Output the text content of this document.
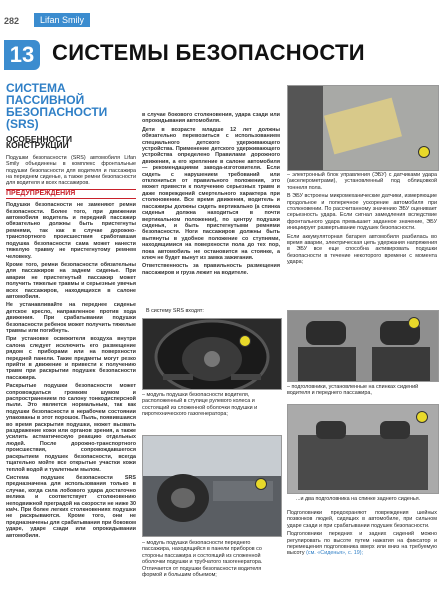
282	Lifan Smily
13 СИСТЕМЫ БЕЗОПАСНОСТИ
СИСТЕМА
ПАССИВНОЙ
БЕЗОПАСНОСТИ (SRS)
ОСОБЕННОСТИ КОНСТРУКЦИИ

Подушки безопасности (SRS) автомобиля Lifan Smily объединены в комплекс фронтальные подушки безопасности для водителя и пассажира на переднем сиденье, а также ремни безопасности для водителя и всех пассажиров.

ПРЕДУПРЕЖДЕНИЯ

Подушки безопасности не заменяют ремни безопасности. Более того, при движении автомобиля водитель и передний пассажир обязательно должны быть пристегнуты ремнями, так как в случае дорожно-транспортного происшествия сработавшая подушка безопасности сама может нанести тяжелую травму не пристегнутому ремнем человеку.

Кроме того, ремни безопасности обязательны для пассажиров на заднем сиденье. При аварии не пристегнутый пассажир может получить тяжелые травмы и серьезные увечья всех пассажиров, находящихся в салоне автомобиля.

Не устанавливайте на переднее сиденье детское кресло, направленное против хода движения. При срабатывании подушки безопасности ребенок может получить тяжелые травмы или погибнуть.

При установке освежителя воздуха внутри салона следует исключить его размещение рядом с приборами или на поверхности передней панели. Такие предметы могут резко прийти в движение и привести к получению травм при раскрытии подушек безопасности пассажира.

Раскрытые подушки безопасности может сопровождаться громким шумом и распространением по салону тонкодисперсной пыли. Это является нормальным, так как подушки безопасности в нерабочем состоянии упакованы в этот порошок. Пыль, появившаяся во время раскрытия подушки, может вызвать раздражение кожи или органов зрения, а также усилить астматическую реакцию отдельных людей. После дорожно-транспортного происшествия, сопровождавшегося раскрытием подушек безопасности, всегда тщательно мойте все открытые участки кожи теплой водой и туалетным мылом.

Система подушек безопасности SRS предназначена для использования только в случае, когда сила лобового удара достаточно велика и соответствует столкновению неподвижной преградой на скорости не ниже 30 км/ч. При более легких столкновениях подушки не раскрываются. Кроме того, они не предназначены для срабатывания при боковом ударе, ударе сзади или опрокидывании автомобиля.

в случае бокового столкновения, удара сзади или опрокидывания автомобиля.

Дети в возрасте младше 12 лет должны обязательно перевозиться с использованием специального детского удерживающего устройства. Применение детского удерживающего устройства определено Правилами дорожного движения, а его крепление в салоне автомобиля — рекомендациями завода-изготовителя. Если сидеть с нарушением требований или отклониться от правильного положения, это может привести к получению серьезных травм и даже повреждений смертельного характера при столкновении. Все время движения, водитель и пассажиры должны сидеть вертикально (а спинка сиденья должна находиться в почти вертикальном положении), по центру подушки сиденья, и быть пристегнутыми ремнями безопасности. Ноги пассажиров должны быть вытянуты в удобное положение со ступнями, находящимися на поверхности пола до тех пор, пока автомобиль не остановится на стоянке, а ключ не будет вынут из замка зажигания.

Ответственность за правильность размещения пассажиров и груза лежит на водителе.

В систему SRS входят:
– модуль подушки безопасности водителя, расположенный в ступице рулевого колеса и состоящий из сложенной оболочки подушки и пиротехнического газогенератора;
– модуль подушки безопасности переднего пассажира, находящийся в панели приборов со стороны пассажира и состоящий из сложенной оболочки подушки и трубчатого газогенератора. Отличается от подушки безопасности водителя формой и большим объемом;

– электронный блок управления (ЭБУ) с датчиками удара (акселерометрами), установленный под облицовкой тоннеля пола.

В ЭБУ встроены микромеханические датчики, измеряющие продольное и поперечное ускорение автомобиля при столкновении. По рассчитанному значению ЭБУ оценивает серьезность удара. Если сигнал замедления вследствие фронтального удара превышает заданное значение, ЭБУ инициирует развертывание подушек безопасности.

Если аккумуляторная батарея автомобиля разбилась во время аварии, электрическая цепь удержания напряжения в ЭБУ все еще способна активировать подушки безопасности в течение некоторого времени с момента удара;

– подголовники, установленные на спинках сидений водителя и переднего пассажира,
...и два подголовника на спинке заднего сиденья.

Подголовники предохраняют повреждения шейных позвонков людей, сидящих в автомобиле, при сильном ударе сзади и при срабатывании подушек безопасности.

Подголовники передних и задних сидений можно регулировать по высоте путем нажатия на фиксатор и перемещения подголовника вверх или вниз на требуемую высоту (см. «Сиденья», с. 19);
